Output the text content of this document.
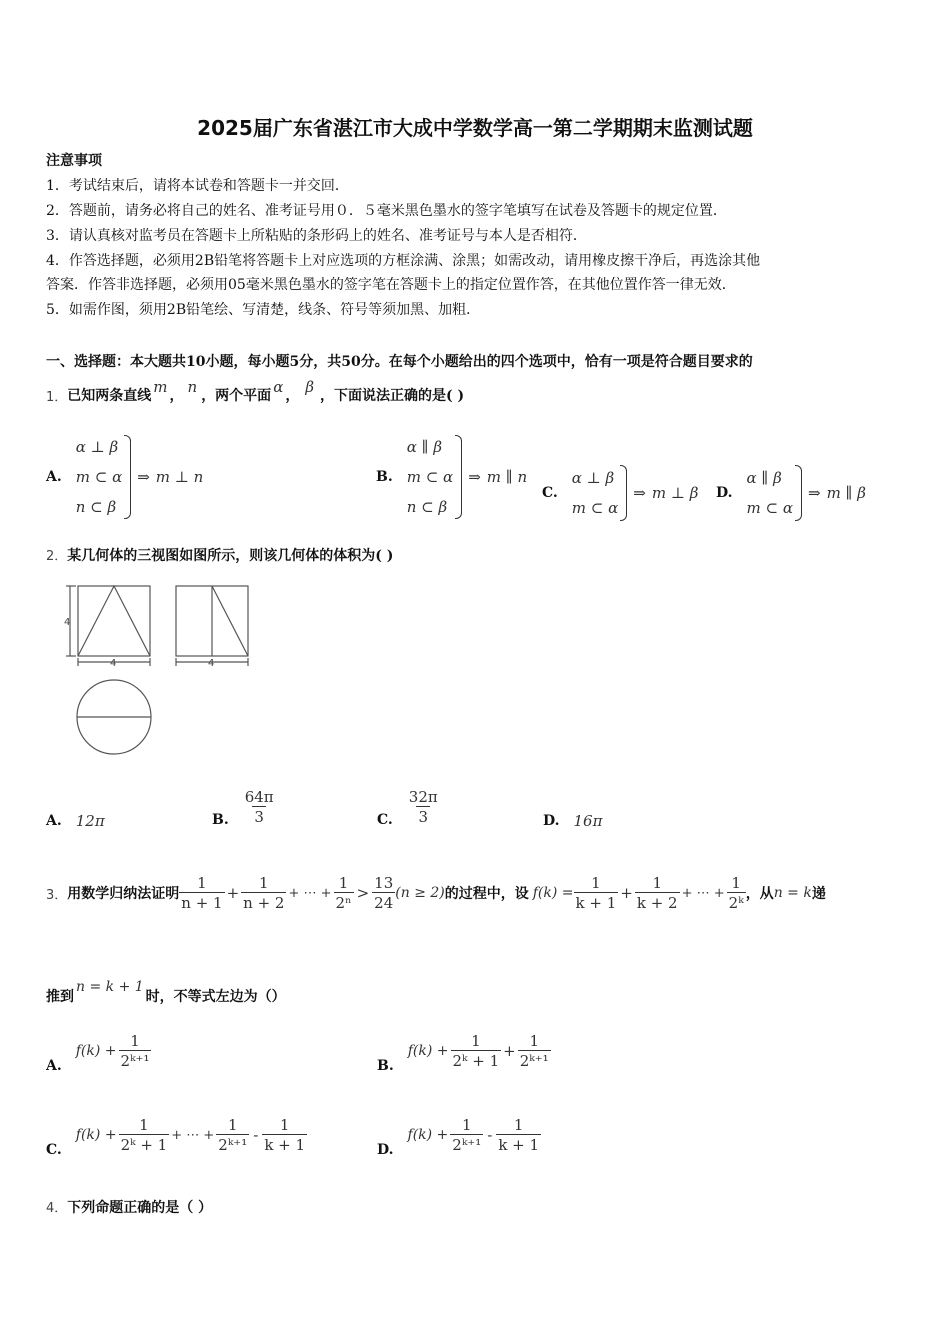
2025届广东省湛江市大成中学数学高一第二学期期末监测试题
注意事项
1．考试结束后，请将本试卷和答题卡一并交回．
2．答题前，请务必将自己的姓名、准考证号用０．５毫米黑色墨水的签字笔填写在试卷及答题卡的规定位置．
3．请认真核对监考员在答题卡上所粘贴的条形码上的姓名、准考证号与本人是否相符．
4．作答选择题，必须用2B铅笔将答题卡上对应选项的方框涂满、涂黑；如需改动，请用橡皮擦干净后，再选涂其他
答案．作答非选择题，必须用05毫米黑色墨水的签字笔在答题卡上的指定位置作答，在其他位置作答一律无效．
5．如需作图，须用2B铅笔绘、写清楚，线条、符号等须加黑、加粗．
一、选择题：本大题共10小题，每小题5分，共50分。在每个小题给出的四个选项中，恰有一项是符合题目要求的
1． 已知两条直线 m ， n ，两个平面 α ， β ，下面说法正确的是( )
A.
α ⊥ β
m ⊂ α
n ⊂ β
⇒ m ⊥ n	B.
α ∥ β
m ⊂ α
n ⊂ β
⇒ m ∥ n
C.
α ⊥ β
m ⊂ α
⇒ m ⊥ β D.
α ∥ β
m ⊂ α
⇒ m ∥ β
2．某几何体的三视图如图所示，则该几何体的体积为( )
4
4	4
A. 12π	B. $\frac{64\pi}{3}$	C. $\frac{32\pi}{3}$	D. 16π
3． 用数学归纳法证明 $\frac{1}{n + 1} + \frac{1}{n + 2}$ + ⋯ + $\frac{1}{\text{2ⁿ}} > \frac{13}{24} (n \ge 2)$ 的过程中，设 $f(k) = \frac{1}{k + 1} + \frac{1}{k + 2}$ + ⋯ + $\frac{1}{\text{2ᵏ}}$ ，从 n = k 递
推到
n = k + 1
时，不等式左边为（）
A.
$f(k) + \frac{1}{\text{2ᵏ⁺¹}}$	B.
$f(k) + \frac{1}{\text{2ᵏ + 1}} + \frac{1}{\text{2ᵏ⁺¹}}$
C.
$f(k) + \frac{1}{\text{2ᵏ + 1}}$ + ⋯ + $\frac{1}{\text{2ᵏ⁺¹}} - \frac{1}{k + 1}$	D.
$f(k) + \frac{1}{\text{2ᵏ⁺¹}} - \frac{1}{k + 1}$
4．下列命题正确的是（ ）
